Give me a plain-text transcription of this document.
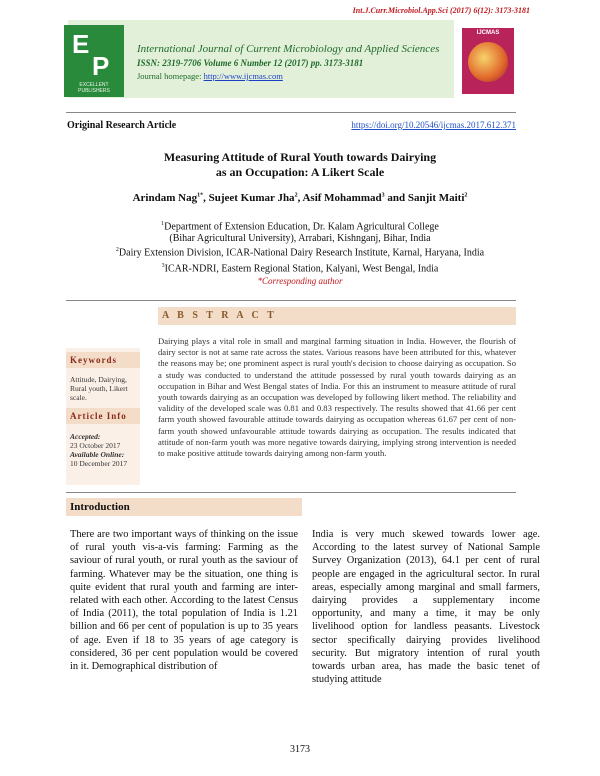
Int.J.Curr.Microbiol.App.Sci (2017) 6(12): 3173-3181
E
P
EXCELLENT PUBLISHERS
International Journal of Current Microbiology and Applied Sciences
ISSN: 2319-7706 Volume 6 Number 12 (2017) pp. 3173-3181
Journal homepage: http://www.ijcmas.com
IJCMAS
Original Research Article	https://doi.org/10.20546/ijcmas.2017.612.371
Measuring Attitude of Rural Youth towards Dairying
as an Occupation: A Likert Scale
Arindam Nag$^{1*}$, Sujeet Kumar Jha$^2$, Asif Mohammad$^3$ and Sanjit Maiti$^2$
$^1$Department of Extension Education, Dr. Kalam Agricultural College
(Bihar Agricultural University), Arrabari, Kishnganj, Bihar, India
$^2$Dairy Extension Division, ICAR-National Dairy Research Institute, Karnal, Haryana, India
$^3$ICAR-NDRI, Eastern Regional Station, Kalyani, West Bengal, India
*Corresponding author
A B S T R A C T
Dairying plays a vital role in small and marginal farming situation in India. However, the flourish of dairy sector is not at same rate across the states. Various reasons have been attributed for this, whatever the reasons may be; one prominent aspect is rural youth's decision to choose dairying as occupation. So a study was conducted to understand the attitude possessed by rural youth towards dairying as an occupation in Bihar and West Bengal states of India. For this an instrument to measure attitude of rural youth towards dairying as an occupation was developed by following likert method. The reliability and validity of the developed scale was 0.81 and 0.83 respectively. The results showed that 41.66 per cent farm youth showed favourable attitude towards dairying as occupation whereas 61.67 per cent of non-farm youth showed unfavourable attitude towards dairying as occupation. The results indicated that attitude of non-farm youth was more negative towards dairying, implying strong intervention is needed to make positive attitude towards dairying among non-farm youth.
Keywords
Attitude, Dairying, Rural youth, Likert scale.
Article Info
Accepted:
23 October 2017
Available Online:
10 December 2017
Introduction
There are two important ways of thinking on the issue of rural youth vis-a-vis farming: Farming as the saviour of rural youth, or rural youth as the saviour of farming. Whatever may be the situation, one thing is quite evident that rural youth and farming are inter-related with each other. According to the latest Census of India (2011), the total population of India is 1.21 billion and 66 per cent of population is up to 35 years of age. Even if 18 to 35 years of age category is considered, 36 per cent population would be covered in it. Demographical distribution of
India is very much skewed towards lower age. According to the latest survey of National Sample Survey Organization (2013), 64.1 per cent of rural people are engaged in the agricultural sector. In rural areas, especially among marginal and small farmers, dairying provides a supplementary income opportunity, and many a time, it may be only livelihood option for landless peasants. Livestock sector specifically dairying provides livelihood security. But migratory intention of rural youth towards urban area, has made the basic tenet of studying attitude
3173
